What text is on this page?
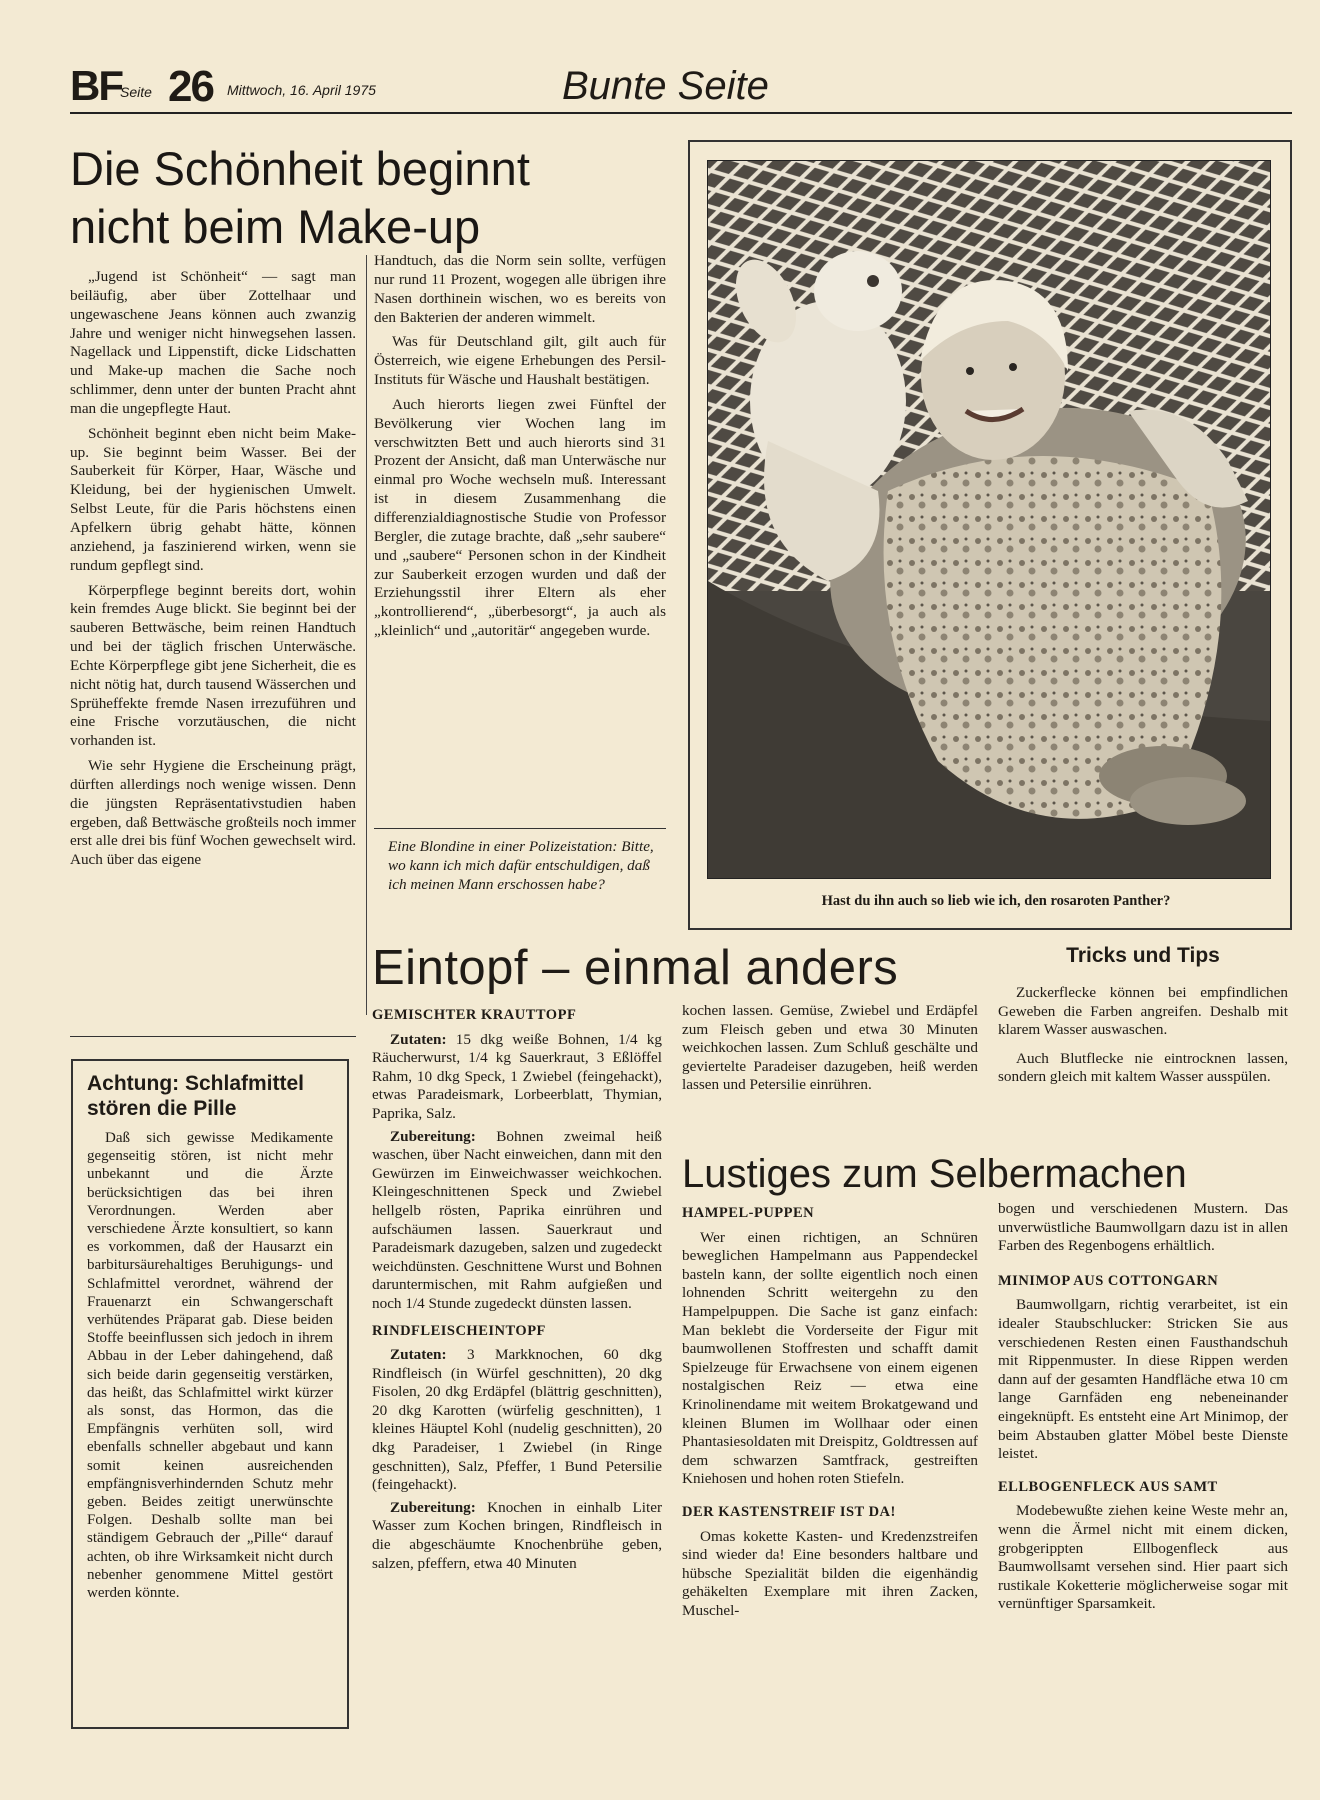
BF
Seite 26 Mittwoch, 16. April 1975	Bunte Seite
Die Schönheit beginnt
nicht beim Make-up

„Jugend ist Schönheit“ — sagt man beiläufig, aber über Zottelhaar und ungewaschene Jeans können auch zwanzig Jahre und weniger nicht hinwegsehen lassen. Nagellack und Lippenstift, dicke Lidschatten und Make-up machen die Sache noch schlimmer, denn unter der bunten Pracht ahnt man die ungepflegte Haut.

Schönheit beginnt eben nicht beim Make-up. Sie beginnt beim Wasser. Bei der Sauberkeit für Körper, Haar, Wäsche und Kleidung, bei der hygienischen Umwelt. Selbst Leute, für die Paris höchstens einen Apfelkern übrig gehabt hätte, können anziehend, ja faszinierend wirken, wenn sie rundum gepflegt sind.

Körperpflege beginnt bereits dort, wohin kein fremdes Auge blickt. Sie beginnt bei der sauberen Bettwäsche, beim reinen Handtuch und bei der täglich frischen Unterwäsche. Echte Körperpflege gibt jene Sicherheit, die es nicht nötig hat, durch tausend Wässerchen und Sprüheffekte fremde Nasen irrezuführen und eine Frische vorzutäuschen, die nicht vorhanden ist.

Wie sehr Hygiene die Erscheinung prägt, dürften allerdings noch wenige wissen. Denn die jüngsten Repräsentativstudien haben ergeben, daß Bettwäsche großteils noch immer erst alle drei bis fünf Wochen gewechselt wird. Auch über das eigene

Handtuch, das die Norm sein sollte, verfügen nur rund 11 Prozent, wogegen alle übrigen ihre Nasen dorthinein wischen, wo es bereits von den Bakterien der anderen wimmelt.

Was für Deutschland gilt, gilt auch für Österreich, wie eigene Erhebungen des Persil-Instituts für Wäsche und Haushalt bestätigen.

Auch hierorts liegen zwei Fünftel der Bevölkerung vier Wochen lang im verschwitzten Bett und auch hierorts sind 31 Prozent der Ansicht, daß man Unterwäsche nur einmal pro Woche wechseln muß. Interessant ist in diesem Zusammenhang die differenzialdiagnostische Studie von Professor Bergler, die zutage brachte, daß „sehr saubere“ und „saubere“ Personen schon in der Kindheit zur Sauberkeit erzogen wurden und daß der Erziehungsstil ihrer Eltern als eher „kontrollierend“, „überbesorgt“, ja auch als „kleinlich“ und „autoritär“ angegeben wurde.

Eine Blondine in einer Polizeistation: Bitte, wo kann ich mich dafür entschuldigen, daß ich meinen Mann erschossen habe?
Hast du ihn auch so lieb wie ich, den rosaroten Panther?
Achtung: Schlafmittel
stören die Pille
Daß sich gewisse Medikamente gegenseitig stören, ist nicht mehr unbekannt und die Ärzte berücksichtigen das bei ihren Verordnungen. Werden aber verschiedene Ärzte konsultiert, so kann es vorkommen, daß der Hausarzt ein barbitursäurehaltiges Beruhigungs- und Schlafmittel verordnet, während der Frauenarzt ein Schwangerschaft verhütendes Präparat gab. Diese beiden Stoffe beeinflussen sich jedoch in ihrem Abbau in der Leber dahingehend, daß sich beide darin gegenseitig verstärken, das heißt, das Schlafmittel wirkt kürzer als sonst, das Hormon, das die Empfängnis verhüten soll, wird ebenfalls schneller abgebaut und kann somit keinen ausreichenden empfängnisverhindernden Schutz mehr geben. Beides zeitigt unerwünschte Folgen. Deshalb sollte man bei ständigem Gebrauch der „Pille“ darauf achten, ob ihre Wirksamkeit nicht durch nebenher genommene Mittel gestört werden könnte.
Eintopf – einmal anders
GEMISCHTER KRAUTTOPF
Zutaten: 15 dkg weiße Bohnen, 1/4 kg Räucherwurst, 1/4 kg Sauerkraut, 3 Eßlöffel Rahm, 10 dkg Speck, 1 Zwiebel (feingehackt), etwas Paradeismark, Lorbeerblatt, Thymian, Paprika, Salz.
Zubereitung: Bohnen zweimal heiß waschen, über Nacht einweichen, dann mit den Gewürzen im Einweichwasser weichkochen. Kleingeschnittenen Speck und Zwiebel hellgelb rösten, Paprika einrühren und aufschäumen lassen. Sauerkraut und Paradeismark dazugeben, salzen und zugedeckt weichdünsten. Geschnittene Wurst und Bohnen daruntermischen, mit Rahm aufgießen und noch 1/4 Stunde zugedeckt dünsten lassen.
RINDFLEISCHEINTOPF
Zutaten: 3 Markknochen, 60 dkg Rindfleisch (in Würfel geschnitten), 20 dkg Fisolen, 20 dkg Erdäpfel (blättrig geschnitten), 20 dkg Karotten (würfelig geschnitten), 1 kleines Häuptel Kohl (nudelig geschnitten), 20 dkg Paradeiser, 1 Zwiebel (in Ringe geschnitten), Salz, Pfeffer, 1 Bund Petersilie (feingehackt).
Zubereitung: Knochen in einhalb Liter Wasser zum Kochen bringen, Rindfleisch in die abgeschäumte Knochenbrühe geben, salzen, pfeffern, etwa 40 Minuten
kochen lassen. Gemüse, Zwiebel und Erdäpfel zum Fleisch geben und etwa 30 Minuten weichkochen lassen. Zum Schluß geschälte und geviertelte Paradeiser dazugeben, heiß werden lassen und Petersilie einrühren.
Tricks und Tips

Zuckerflecke können bei empfindlichen Geweben die Farben angreifen. Deshalb mit klarem Wasser auswaschen.

Auch Blutflecke nie eintrocknen lassen, sondern gleich mit kaltem Wasser ausspülen.

Lustiges zum Selbermachen
HAMPEL-PUPPEN

Wer einen richtigen, an Schnüren beweglichen Hampelmann aus Pappendeckel basteln kann, der sollte eigentlich noch einen lohnenden Schritt weitergehn zu den Hampelpuppen. Die Sache ist ganz einfach: Man beklebt die Vorderseite der Figur mit baumwollenen Stoffresten und schafft damit Spielzeuge für Erwachsene von einem eigenen nostalgischen Reiz — etwa eine Krinolinendame mit weitem Brokatgewand und kleinen Blumen im Wollhaar oder einen Phantasiesoldaten mit Dreispitz, Goldtressen auf dem schwarzen Samtfrack, gestreiften Kniehosen und hohen roten Stiefeln.

DER KASTENSTREIF IST DA!

Omas kokette Kasten- und Kredenzstreifen sind wieder da! Eine besonders haltbare und hübsche Spezialität bilden die eigenhändig gehäkelten Exemplare mit ihren Zacken, Muschel-

bogen und verschiedenen Mustern. Das unverwüstliche Baumwollgarn dazu ist in allen Farben des Regenbogens erhältlich.

MINIMOP AUS COTTONGARN

Baumwollgarn, richtig verarbeitet, ist ein idealer Staubschlucker: Stricken Sie aus verschiedenen Resten einen Fausthandschuh mit Rippenmuster. In diese Rippen werden dann auf der gesamten Handfläche etwa 10 cm lange Garnfäden eng nebeneinander eingeknüpft. Es entsteht eine Art Minimop, der beim Abstauben glatter Möbel beste Dienste leistet.

ELLBOGENFLECK AUS SAMT

Modebewußte ziehen keine Weste mehr an, wenn die Ärmel nicht mit einem dicken, grobgerippten Ellbogenfleck aus Baumwollsamt versehen sind. Hier paart sich rustikale Koketterie möglicherweise sogar mit vernünftiger Sparsamkeit.
